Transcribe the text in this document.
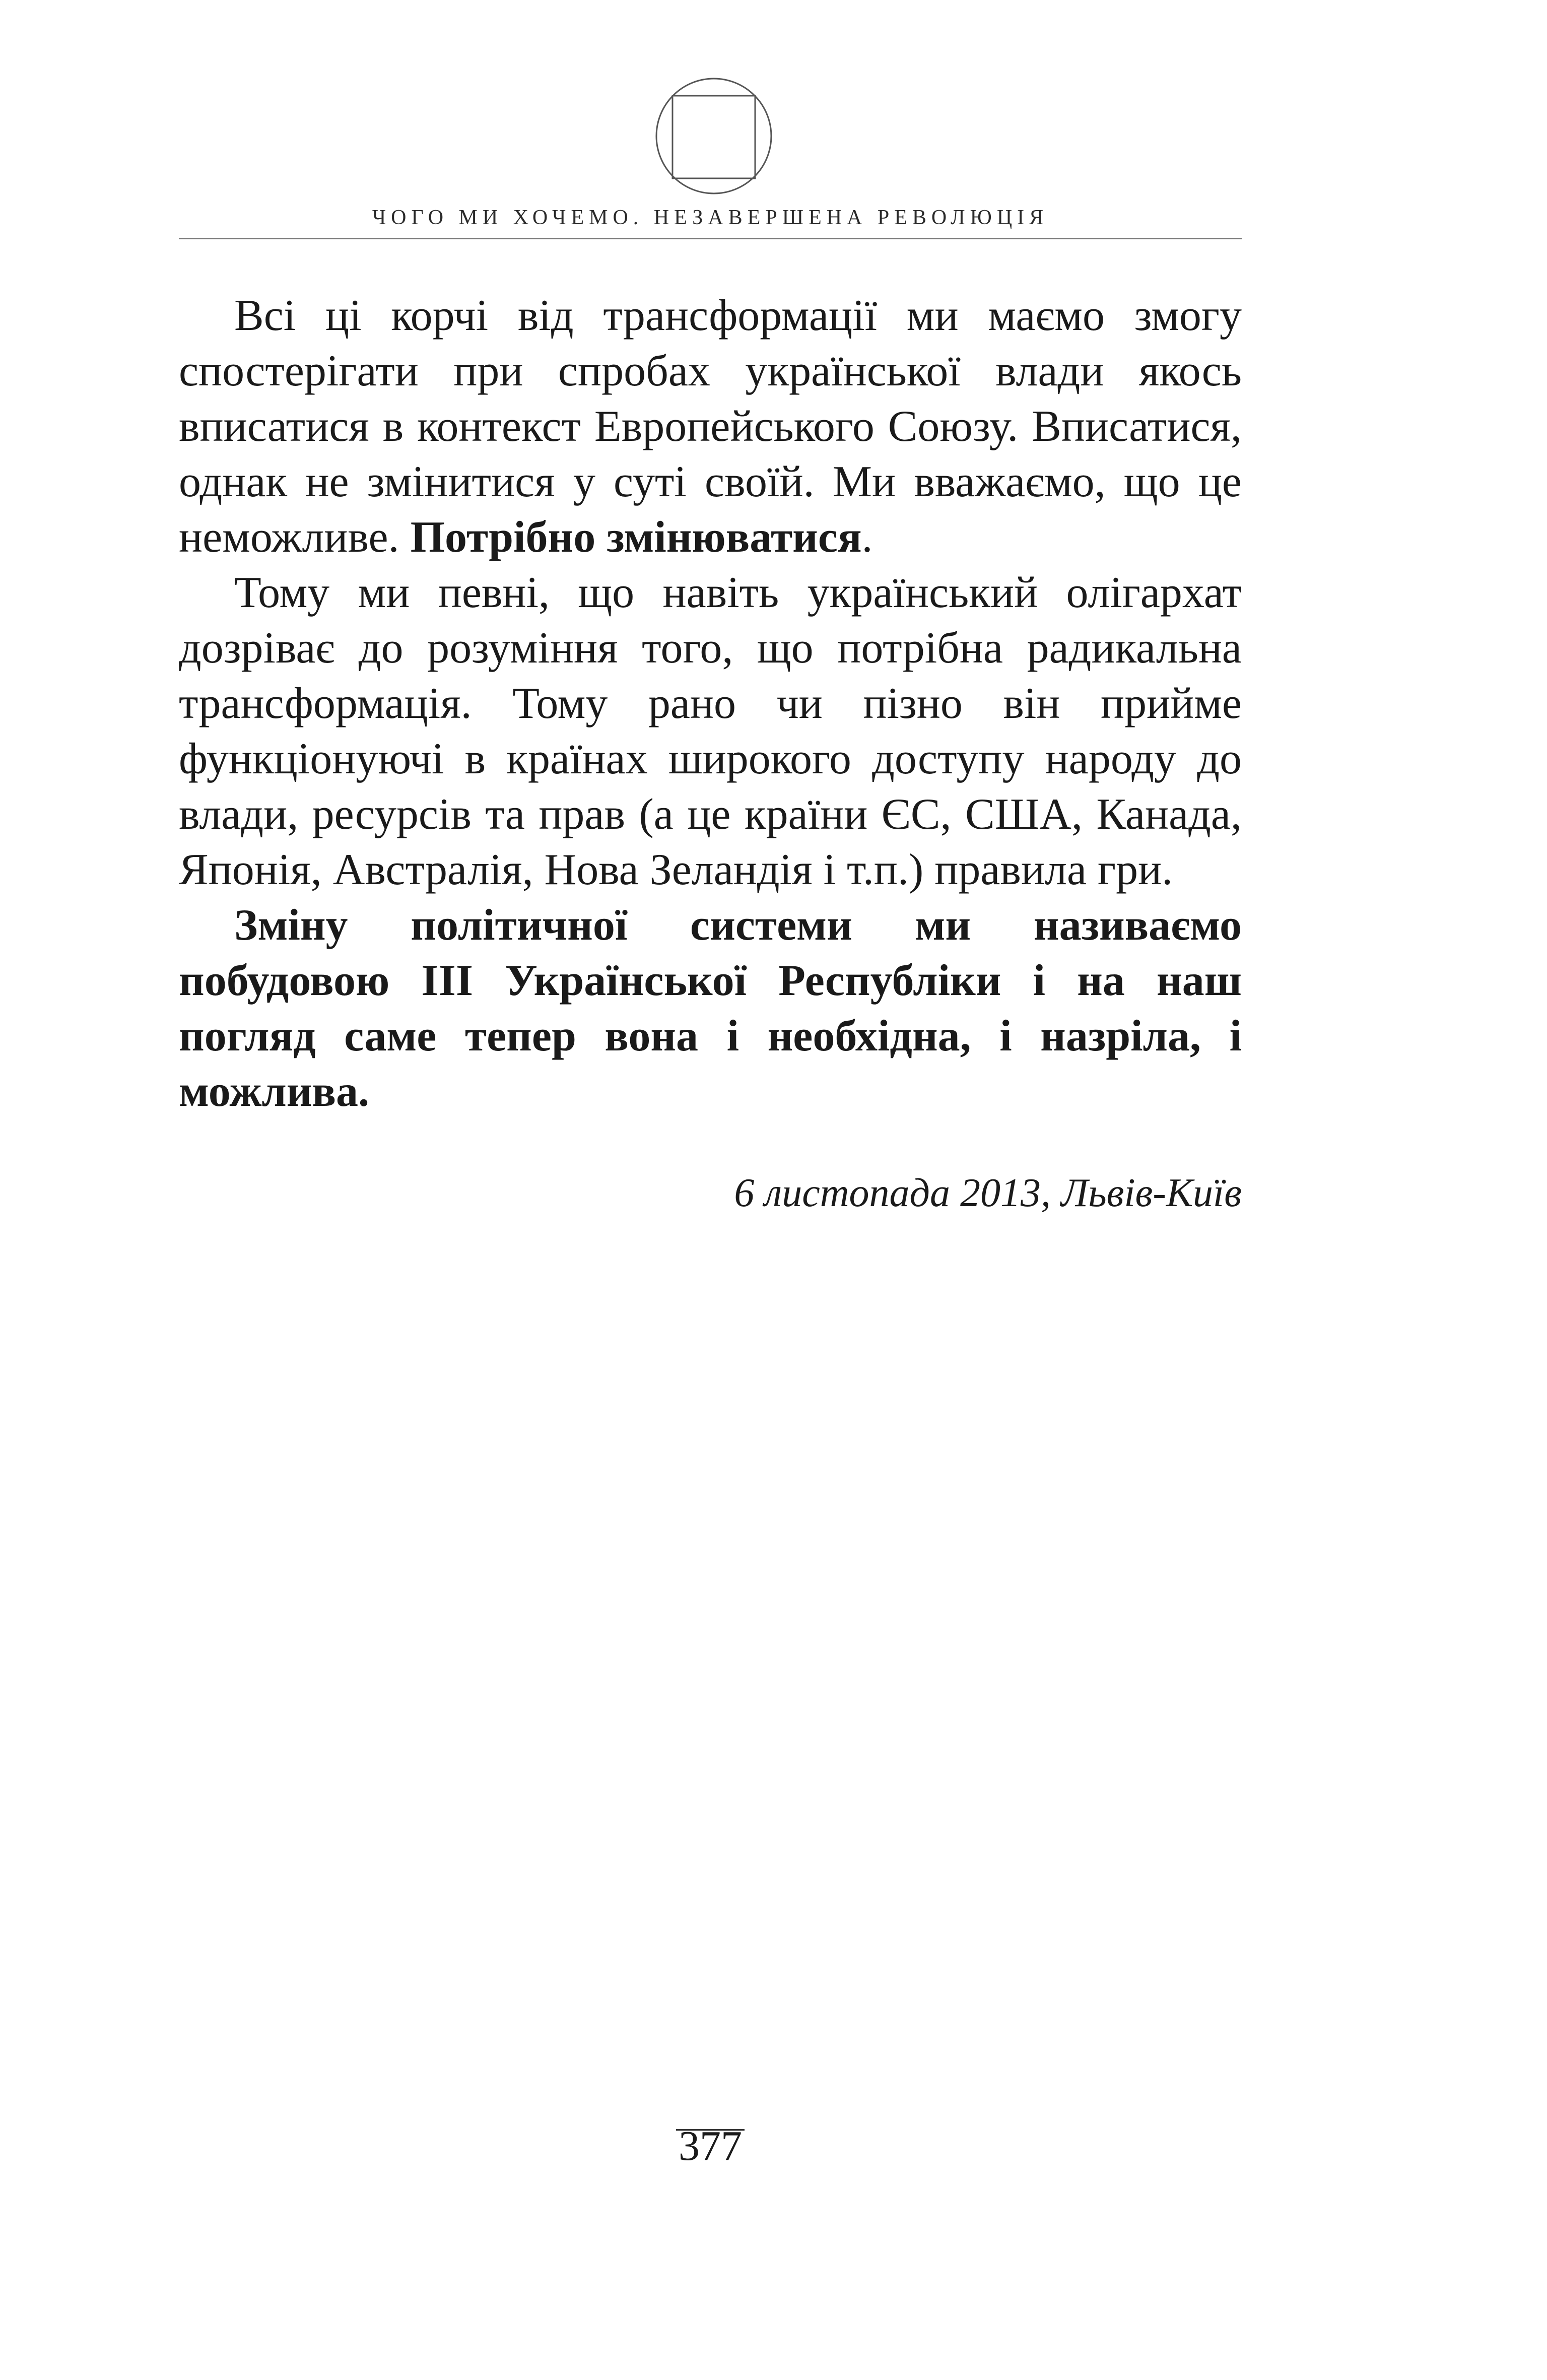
ЧОГО МИ ХОЧЕМО. НЕЗАВЕРШЕНА РЕВОЛЮЦІЯ

Всі ці корчі від трансформації ми маємо змогу спостерігати при спробах української влади якось вписатися в контекст Европейського Союзу. Вписатися, однак не змінитися у суті своїй. Ми вважаємо, що це неможливе. Потрібно змінюватися.

Тому ми певні, що навіть український олігархат дозріває до розуміння того, що потрібна радикальна трансформація. Тому рано чи пізно він прийме функціонуючі в країнах широкого доступу народу до влади, ресурсів та прав (а це країни ЄС, США, Канада, Японія, Австралія, Нова Зеландія і т.п.) правила гри.

Зміну політичної системи ми називаємо побудовою ІІІ Української Республіки і на наш погляд саме тепер вона і необхідна, і назріла, і можлива.

6 листопада 2013, Львів-Київ
377
